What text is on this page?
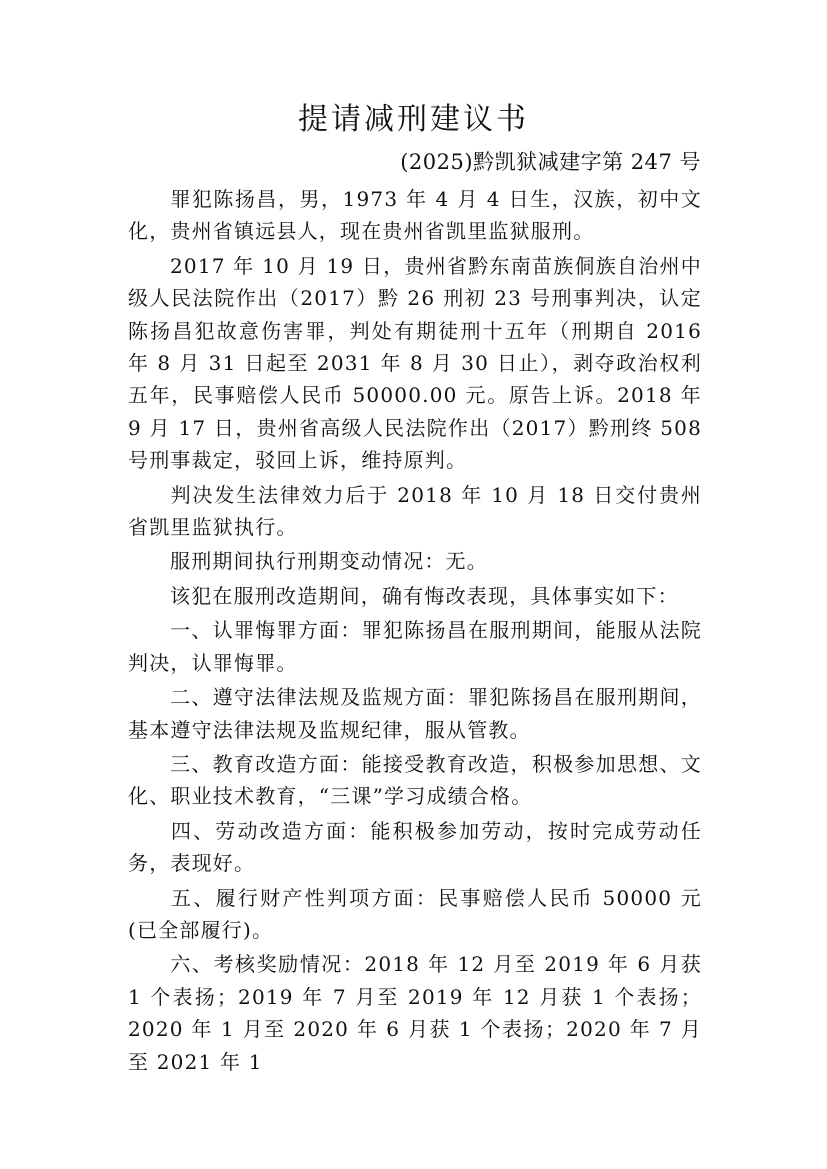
提请减刑建议书
(2025)黔凯狱减建字第 247 号

罪犯陈扬昌，男，1973 年 4 月 4 日生，汉族，初中文化，贵州省镇远县人，现在贵州省凯里监狱服刑。

2017 年 10 月 19 日，贵州省黔东南苗族侗族自治州中级人民法院作出（2017）黔 26 刑初 23 号刑事判决，认定陈扬昌犯故意伤害罪，判处有期徒刑十五年（刑期自 2016 年 8 月 31 日起至 2031 年 8 月 30 日止），剥夺政治权利五年，民事赔偿人民币 50000.00 元。原告上诉。2018 年 9 月 17 日，贵州省高级人民法院作出（2017）黔刑终 508 号刑事裁定，驳回上诉，维持原判。

判决发生法律效力后于 2018 年 10 月 18 日交付贵州省凯里监狱执行。

服刑期间执行刑期变动情况：无。

该犯在服刑改造期间，确有悔改表现，具体事实如下：

一、认罪悔罪方面：罪犯陈扬昌在服刑期间，能服从法院判决，认罪悔罪。

二、遵守法律法规及监规方面：罪犯陈扬昌在服刑期间，基本遵守法律法规及监规纪律，服从管教。

三、教育改造方面：能接受教育改造，积极参加思想、文化、职业技术教育，“三课”学习成绩合格。

四、劳动改造方面：能积极参加劳动，按时完成劳动任务，表现好。

五、履行财产性判项方面：民事赔偿人民币 50000 元(已全部履行)。

六、考核奖励情况：2018 年 12 月至 2019 年 6 月获 1 个表扬；2019 年 7 月至 2019 年 12 月获 1 个表扬；2020 年 1 月至 2020 年 6 月获 1 个表扬；2020 年 7 月至 2021 年 1
